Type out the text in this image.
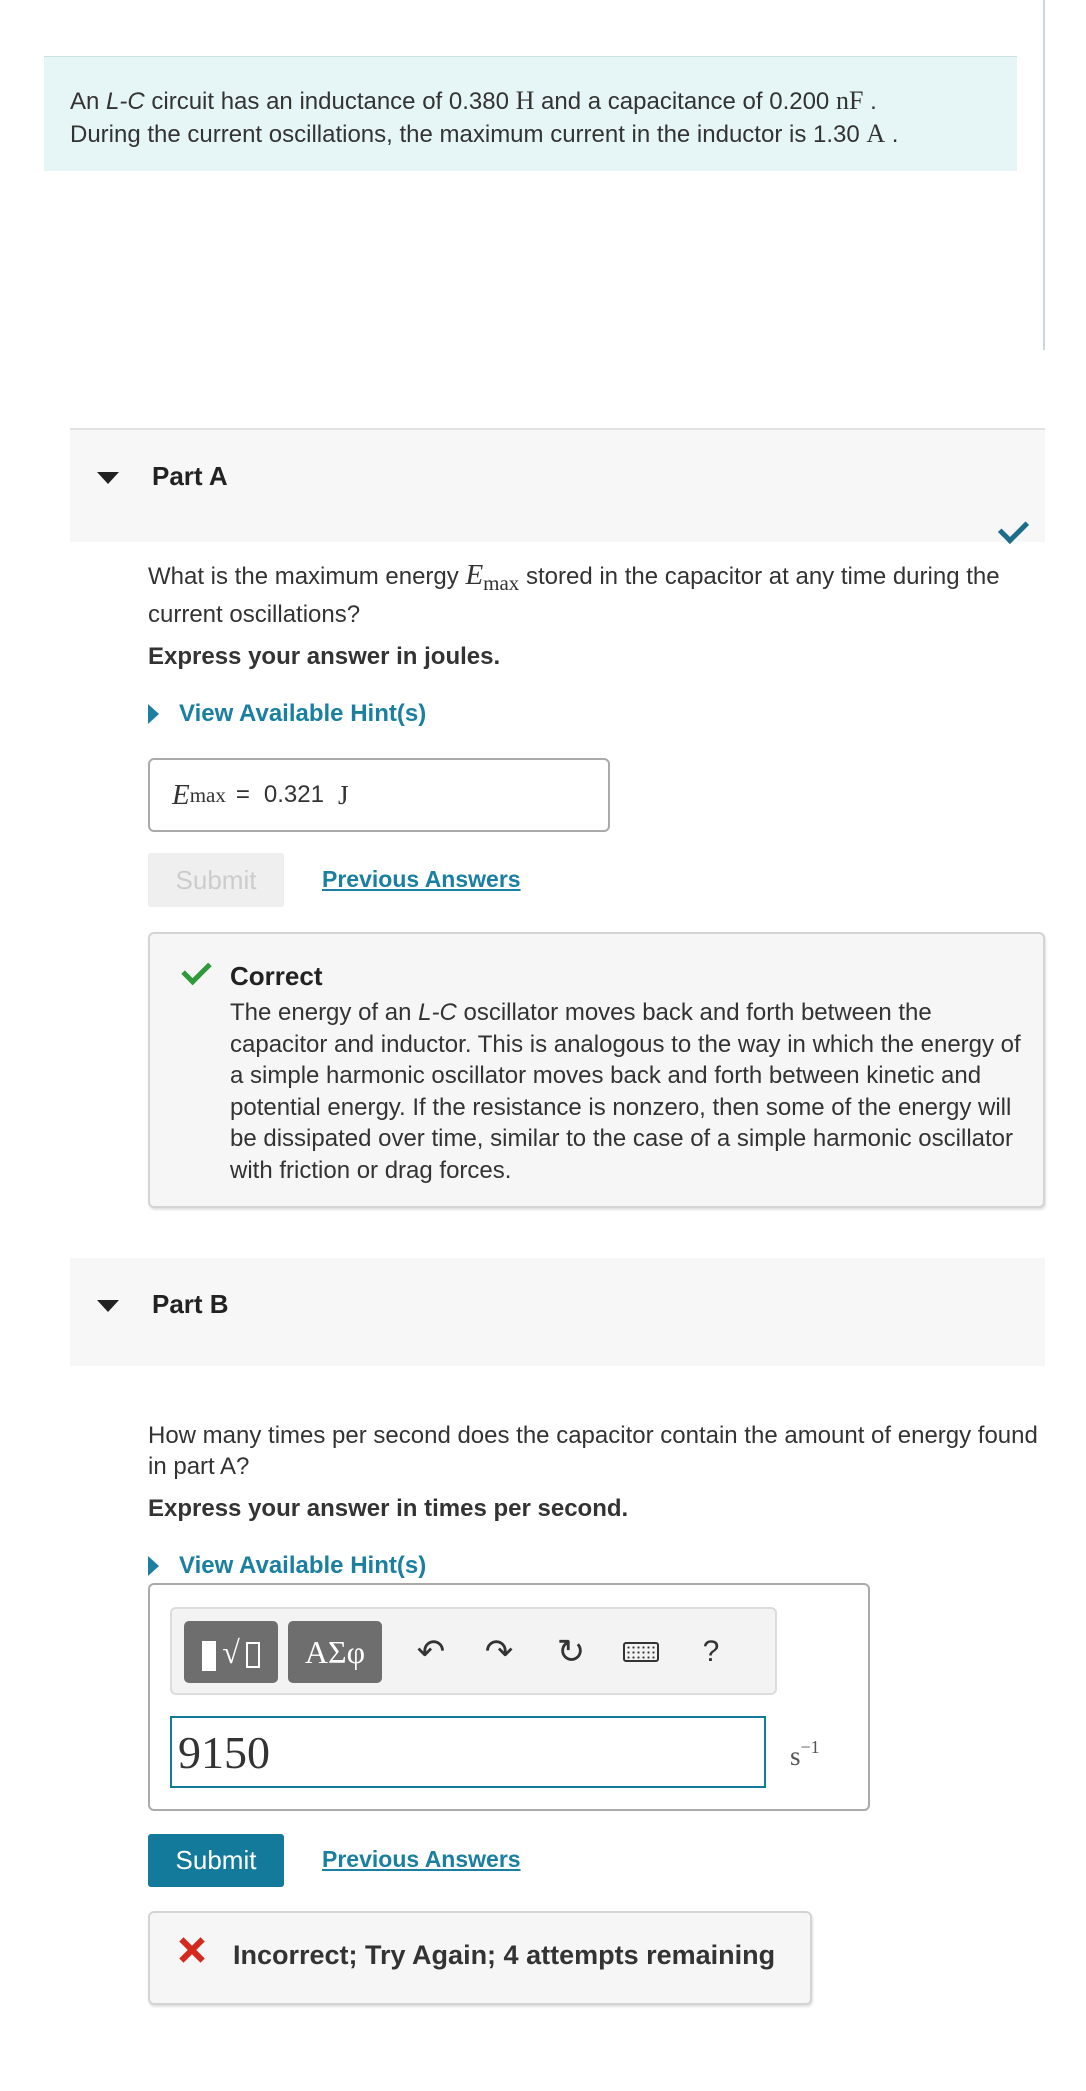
An L-C circuit has an inductance of 0.380 H and a capacitance of 0.200 nF .

During the current oscillations, the maximum current in the inductor is 1.30 A .

Part A
What is the maximum energy Emax stored in the capacitor at any time during the current oscillations?
Express your answer in joules.
View Available Hint(s)
E max = 0.321 J
Submit	Previous Answers
Correct
The energy of an L-C oscillator moves back and forth between the capacitor and inductor. This is analogous to the way in which the energy of a simple harmonic oscillator moves back and forth between kinetic and potential energy. If the resistance is nonzero, then some of the energy will be dissipated over time, similar to the case of a simple harmonic oscillator with friction or drag forces.
Part B
How many times per second does the capacitor contain the amount of energy found in part A?
Express your answer in times per second.
View Available Hint(s)
√	ΑΣφ	↶ ↷ ↻	?
9150	$s^{-1}$
Submit	Previous Answers
Incorrect; Try Again; 4 attempts remaining
